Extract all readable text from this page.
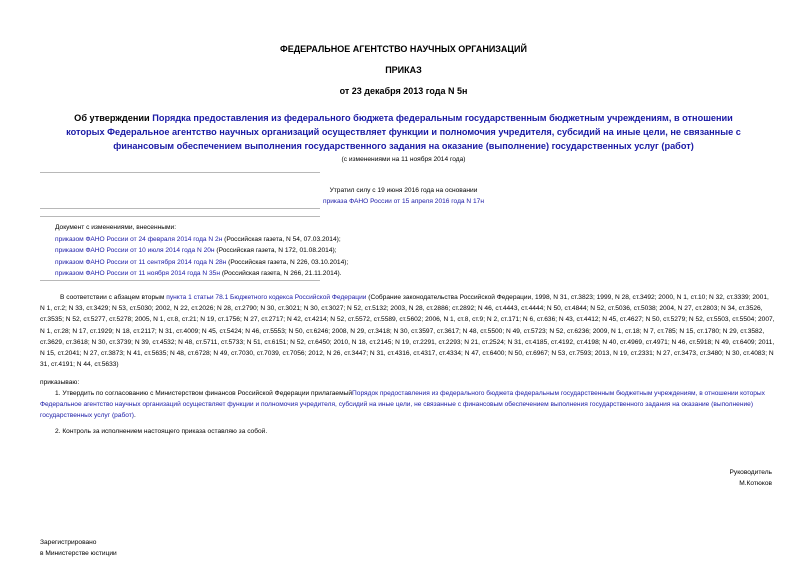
ФЕДЕРАЛЬНОЕ АГЕНТСТВО НАУЧНЫХ ОРГАНИЗАЦИЙ
ПРИКАЗ
от 23 декабря 2013 года N 5н
Об утверждении Порядка предоставления из федерального бюджета федеральным государственным бюджетным учреждениям, в отношении которых Федеральное агентство научных организаций осуществляет функции и полномочия учредителя, субсидий на иные цели, не связанные с финансовым обеспечением выполнения государственного задания на оказание (выполнение) государственных услуг (работ)
(с изменениями на 11 ноября 2014 года)
Утратил силу с 19 июня 2016 года на основании
приказа ФАНО России от 15 апреля 2016 года N 17н
Документ с изменениями, внесенными:
приказом ФАНО России от 24 февраля 2014 года N 2н (Российская газета, N 54, 07.03.2014);
приказом ФАНО России от 10 июля 2014 года N 20н (Российская газета, N 172, 01.08.2014);
приказом ФАНО России от 11 сентября 2014 года N 28н (Российская газета, N 226, 03.10.2014);
приказом ФАНО России от 11 ноября 2014 года N 35н (Российская газета, N 266, 21.11.2014).
В соответствии с абзацем вторым пункта 1 статьи 78.1 Бюджетного кодекса Российской Федерации (Собрание законодательства Российской Федерации, 1998, N 31, ст.3823; 1999, N 28, ст.3492; 2000, N 1, ст.10; N 32, ст.3339; 2001, N 1, ст.2; N 33, ст.3429; N 53, ст.5030; 2002, N 22, ст.2026; N 28, ст.2790; N 30, ст.3021; N 30, ст.3027; N 52, ст.5132; 2003, N 28, ст.2886; ст.2892; N 46, ст.4443, ст.4444; N 50, ст.4844; N 52, ст.5036, ст.5038; 2004, N 27, ст.2803; N 34, ст.3526, ст.3535; N 52, ст.5277, ст.5278; 2005, N 1, ст.8, ст.21; N 19, ст.1756; N 27, ст.2717; N 42, ст.4214; N 52, ст.5572, ст.5589, ст.5602; 2006, N 1, ст.8, ст.9; N 2, ст.171; N 6, ст.636; N 43, ст.4412; N 45, ст.4627; N 50, ст.5279; N 52, ст.5503, ст.5504; 2007, N 1, ст.28; N 17, ст.1929; N 18, ст.2117; N 31, ст.4009; N 45, ст.5424; N 46, ст.5553; N 50, ст.6246; 2008, N 29, ст.3418; N 30, ст.3597, ст.3617; N 48, ст.5500; N 49, ст.5723; N 52, ст.6236; 2009, N 1, ст.18; N 7, ст.785; N 15, ст.1780; N 29, ст.3582, ст.3629, ст.3618; N 30, ст.3739; N 39, ст.4532; N 48, ст.5711, ст.5733; N 51, ст.6151; N 52, ст.6450; 2010, N 18, ст.2145; N 19, ст.2291, ст.2293; N 21, ст.2524; N 31, ст.4185, ст.4192, ст.4198; N 40, ст.4969, ст.4971; N 46, ст.5918; N 49, ст.6409; 2011, N 15, ст.2041; N 27, ст.3873; N 41, ст.5635; N 48, ст.6728; N 49, ст.7030, ст.7039, ст.7056; 2012, N 26, ст.3447; N 31, ст.4316, ст.4317, ст.4334; N 47, ст.6400; N 50, ст.6967; N 53, ст.7593; 2013, N 19, ст.2331; N 27, ст.3473, ст.3480; N 30, ст.4083; N 31, ст.4191; N 44, ст.5633)
приказываю:
1. Утвердить по согласованию с Министерством финансов Российской Федерации прилагаемыйПорядок предоставления из федерального бюджета федеральным государственным бюджетным учреждениям, в отношении которых Федеральное агентство научных организаций осуществляет функции и полномочия учредителя, субсидий на иные цели, не связанные с финансовым обеспечением выполнения государственного задания на оказание (выполнение) государственных услуг (работ).
2. Контроль за исполнением настоящего приказа оставляю за собой.
Руководитель
М.Котюков
Зарегистрировано
в Министерстве юстиции
